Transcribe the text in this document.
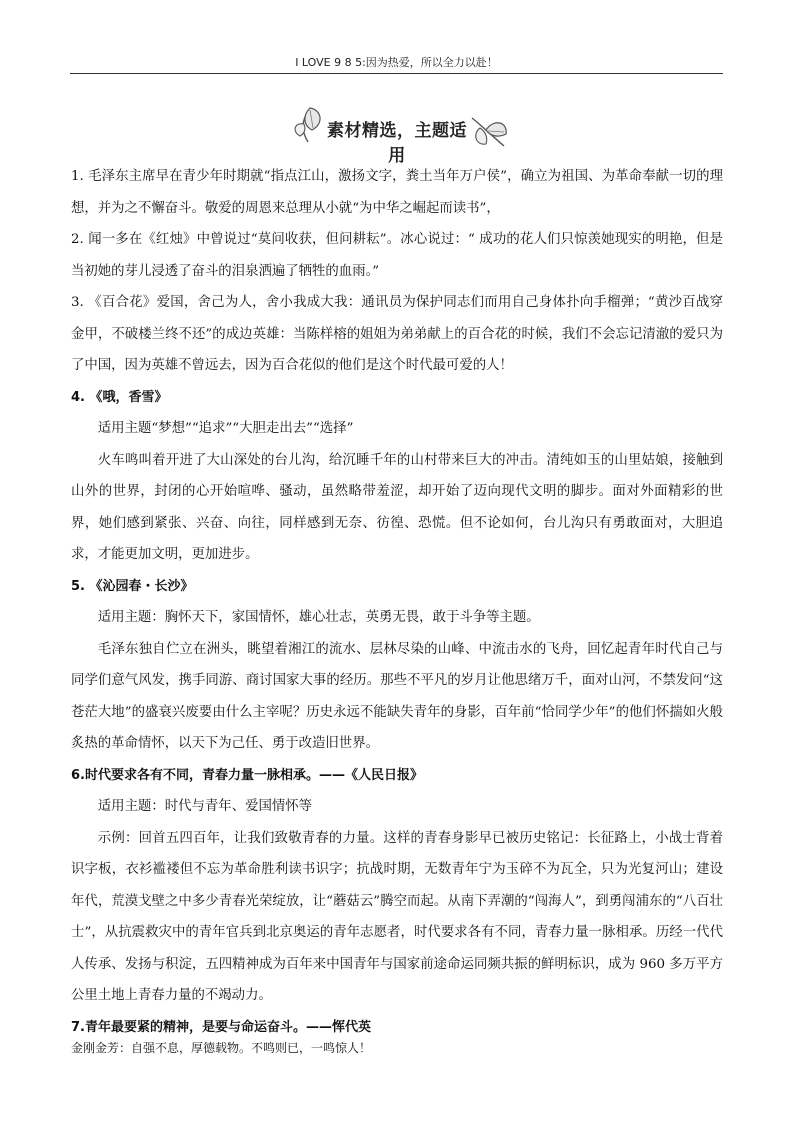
I LOVE 9 8 5:因为热爱，所以全力以赴！
素材精选，主题适用

1. 毛泽东主席早在青少年时期就“指点江山，激扬文字，粪土当年万户侯”，确立为祖国、为革命奉献一切的理想，并为之不懈奋斗。敬爱的周恩来总理从小就“为中华之崛起而读书”，

2. 闻一多在《红烛》中曾说过“莫问收获，但问耕耘”。冰心说过：“ 成功的花人们只惊羡她现实的明艳，但是当初她的芽儿浸透了奋斗的泪泉洒遍了牺牲的血雨。”

3. 《百合花》爱国，舍己为人，舍小我成大我：通讯员为保护同志们而用自己身体扑向手榴弹；“黄沙百战穿金甲，不破楼兰终不还”的成边英雄：当陈样榕的姐姐为弟弟献上的百合花的时候，我们不会忘记清澈的爱只为了中国，因为英雄不曾远去，因为百合花似的他们是这个时代最可爱的人！

4. 《哦，香雪》

适用主题“梦想”“追求”“大胆走出去”“选择”

火车鸣叫着开进了大山深处的台儿沟，给沉睡千年的山村带来巨大的冲击。清纯如玉的山里姑娘，接触到山外的世界，封闭的心开始喧哗、骚动，虽然略带羞涩，却开始了迈向现代文明的脚步。面对外面精彩的世界，她们感到紧张、兴奋、向往，同样感到无奈、彷徨、恐慌。但不论如何，台儿沟只有勇敢面对，大胆追求，才能更加文明，更加进步。

5. 《沁园春・长沙》

适用主题：胸怀天下，家国情怀，雄心壮志，英勇无畏，敢于斗争等主题。

毛泽东独自伫立在洲头，眺望着湘江的流水、层林尽染的山峰、中流击水的飞舟，回忆起青年时代自己与同学们意气风发，携手同游、商讨国家大事的经历。那些不平凡的岁月让他思绪万千，面对山河，不禁发问“这苍茫大地”的盛衰兴废要由什么主宰呢？历史永远不能缺失青年的身影，百年前“恰同学少年”的他们怀揣如火般炙热的革命情怀，以天下为己任、勇于改造旧世界。

6.时代要求各有不同，青春力量一脉相承。——《人民日报》

适用主题：时代与青年、爱国情怀等

示例：回首五四百年，让我们致敬青春的力量。这样的青春身影早已被历史铭记：长征路上，小战士背着识字板，衣衫褴褛但不忘为革命胜利读书识字；抗战时期，无数青年宁为玉碎不为瓦全，只为光复河山；建设年代，荒漠戈壁之中多少青春光荣绽放，让“蘑菇云”腾空而起。从南下弄潮的“闯海人”，到勇闯浦东的“八百壮士”，从抗震救灾中的青年官兵到北京奥运的青年志愿者，时代要求各有不同，青春力量一脉相承。历经一代代人传承、发扬与积淀，五四精神成为百年来中国青年与国家前途命运同频共振的鲜明标识，成为 960 多万平方公里土地上青春力量的不竭动力。

7.青年最要紧的精神，是要与命运奋斗。——恽代英

金刚金芳：自强不息，厚德载物。不鸣则已，一鸣惊人！
